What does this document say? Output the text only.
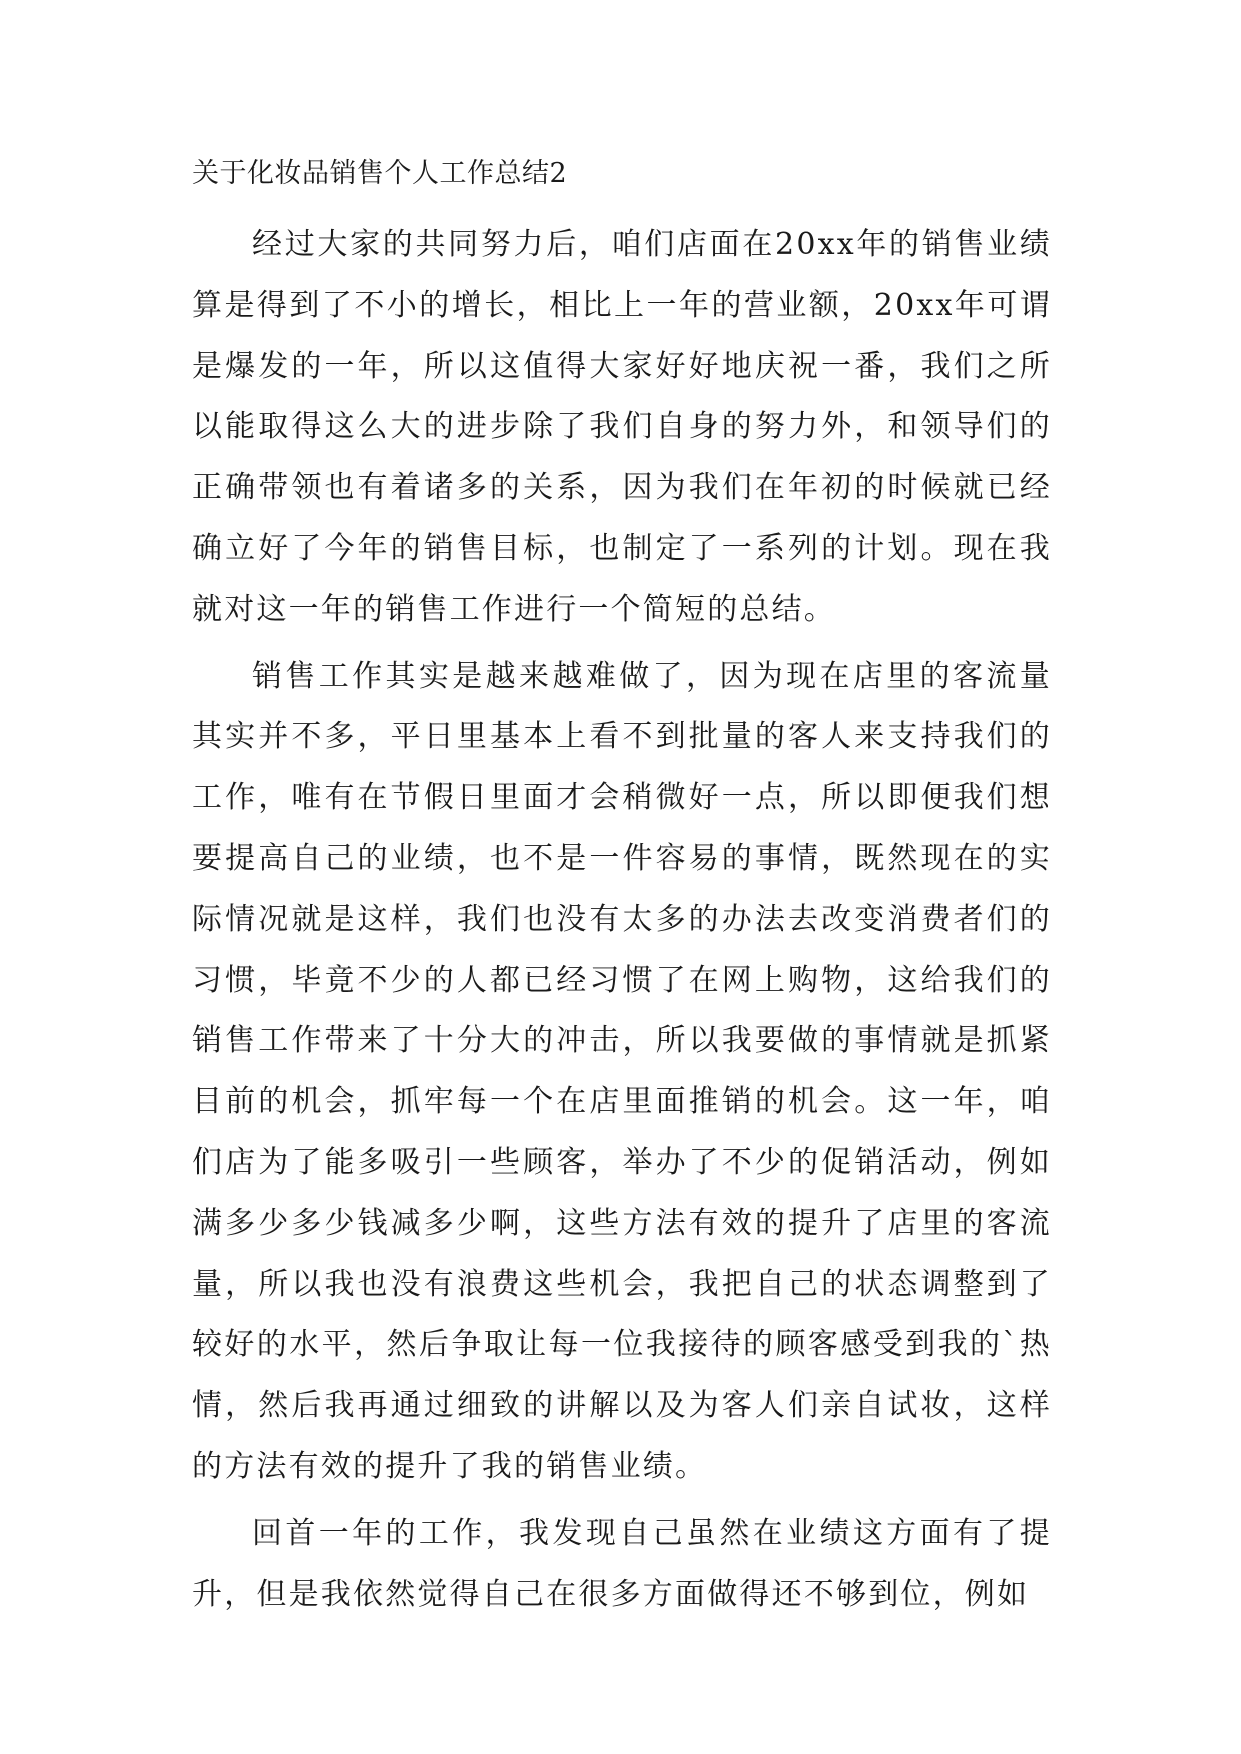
关于化妆品销售个人工作总结2

经过大家的共同努力后，咱们店面在20xx年的销售业绩算是得到了不小的增长，相比上一年的营业额，20xx年可谓是爆发的一年，所以这值得大家好好地庆祝一番，我们之所以能取得这么大的进步除了我们自身的努力外，和领导们的正确带领也有着诸多的关系，因为我们在年初的时候就已经确立好了今年的销售目标，也制定了一系列的计划。现在我就对这一年的销售工作进行一个简短的总结。

销售工作其实是越来越难做了，因为现在店里的客流量其实并不多，平日里基本上看不到批量的客人来支持我们的工作，唯有在节假日里面才会稍微好一点，所以即便我们想要提高自己的业绩，也不是一件容易的事情，既然现在的实际情况就是这样，我们也没有太多的办法去改变消费者们的习惯，毕竟不少的人都已经习惯了在网上购物，这给我们的销售工作带来了十分大的冲击，所以我要做的事情就是抓紧目前的机会，抓牢每一个在店里面推销的机会。这一年，咱们店为了能多吸引一些顾客，举办了不少的促销活动，例如满多少多少钱减多少啊，这些方法有效的提升了店里的客流量，所以我也没有浪费这些机会，我把自己的状态调整到了较好的水平，然后争取让每一位我接待的顾客感受到我的`热情，然后我再通过细致的讲解以及为客人们亲自试妆，这样的方法有效的提升了我的销售业绩。

回首一年的工作，我发现自己虽然在业绩这方面有了提升，但是我依然觉得自己在很多方面做得还不够到位，例如
